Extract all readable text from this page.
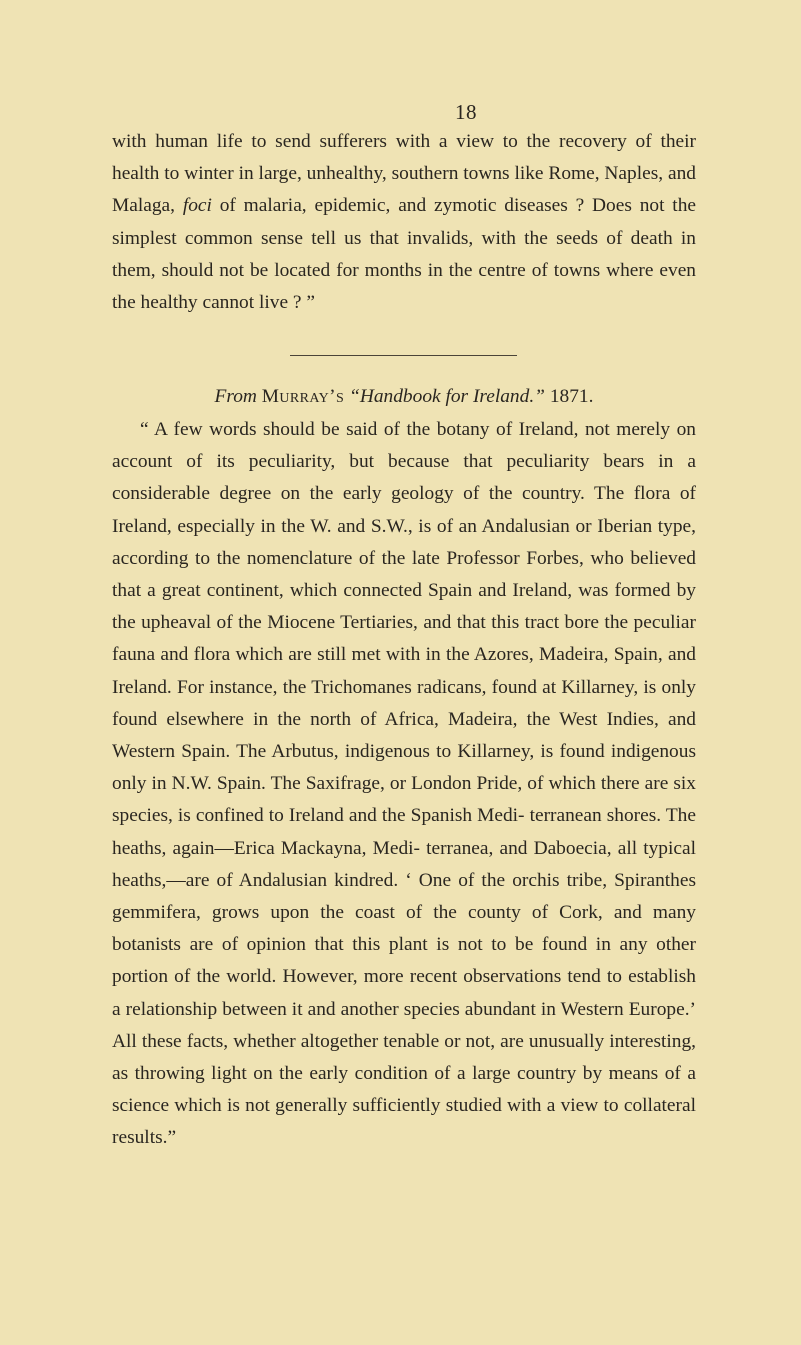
18
with human life to send sufferers with a view to the recovery of their health to winter in large, unhealthy, southern towns like Rome, Naples, and Malaga, foci of malaria, epidemic, and zymotic diseases ? Does not the simplest common sense tell us that invalids, with the seeds of death in them, should not be located for months in the centre of towns where even the healthy cannot live ? ”
From Murray’s “Handbook for Ireland.” 1871.
“ A few words should be said of the botany of Ireland, not merely on account of its peculiarity, but because that peculiarity bears in a considerable degree on the early geology of the country. The flora of Ireland, especially in the W. and S.W., is of an Andalusian or Iberian type, according to the nomenclature of the late Professor Forbes, who believed that a great continent, which connected Spain and Ireland, was formed by the upheaval of the Miocene Tertiaries, and that this tract bore the peculiar fauna and flora which are still met with in the Azores, Madeira, Spain, and Ireland. For instance, the Trichomanes radicans, found at Killarney, is only found elsewhere in the north of Africa, Madeira, the West Indies, and Western Spain. The Arbutus, indigenous to Killarney, is found indigenous only in N.W. Spain. The Saxifrage, or London Pride, of which there are six species, is confined to Ireland and the Spanish Medi- terranean shores. The heaths, again—Erica Mackayna, Medi- terranea, and Daboecia, all typical heaths,—are of Andalusian kindred. ‘ One of the orchis tribe, Spiranthes gemmifera, grows upon the coast of the county of Cork, and many botanists are of opinion that this plant is not to be found in any other portion of the world. However, more recent observations tend to establish a relationship between it and another species abundant in Western Europe.’ All these facts, whether altogether tenable or not, are unusually interesting, as throwing light on the early condition of a large country by means of a science which is not generally sufficiently studied with a view to collateral results.”
